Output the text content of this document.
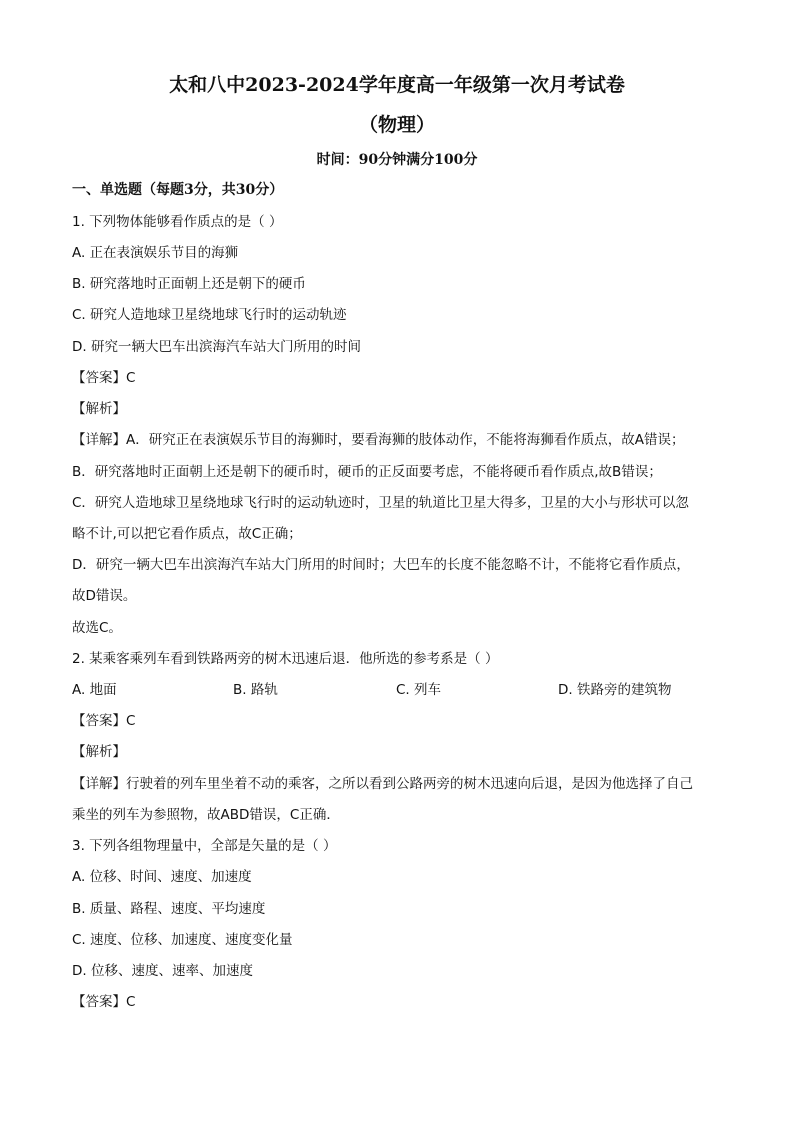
太和八中2023-2024学年度高一年级第一次月考试卷
（物理）
时间：90分钟满分100分
一、单选题（每题3分，共30分）
1. 下列物体能够看作质点的是（ ）
A. 正在表演娱乐节目的海狮
B. 研究落地时正面朝上还是朝下的硬币
C. 研究人造地球卫星绕地球飞行时的运动轨迹
D. 研究一辆大巴车出滨海汽车站大门所用的时间
【答案】C
【解析】
【详解】A．研究正在表演娱乐节目的海狮时，要看海狮的肢体动作，不能将海狮看作质点，故A错误；
B．研究落地时正面朝上还是朝下的硬币时，硬币的正反面要考虑，不能将硬币看作质点,故B错误；
C．研究人造地球卫星绕地球飞行时的运动轨迹时，卫星的轨道比卫星大得多，卫星的大小与形状可以忽
略不计,可以把它看作质点，故C正确；
D．研究一辆大巴车出滨海汽车站大门所用的时间时；大巴车的长度不能忽略不计，不能将它看作质点，
故D错误。
故选C。
2. 某乘客乘列车看到铁路两旁的树木迅速后退．他所选的参考系是（ ）
A. 地面	B. 路轨	C. 列车	D. 铁路旁的建筑物
【答案】C
【解析】
【详解】行驶着的列车里坐着不动的乘客，之所以看到公路两旁的树木迅速向后退，是因为他选择了自己
乘坐的列车为参照物，故ABD错误，C正确．
3. 下列各组物理量中，全部是矢量的是（ ）
A. 位移、时间、速度、加速度
B. 质量、路程、速度、平均速度
C. 速度、位移、加速度、速度变化量
D. 位移、速度、速率、加速度
【答案】C
